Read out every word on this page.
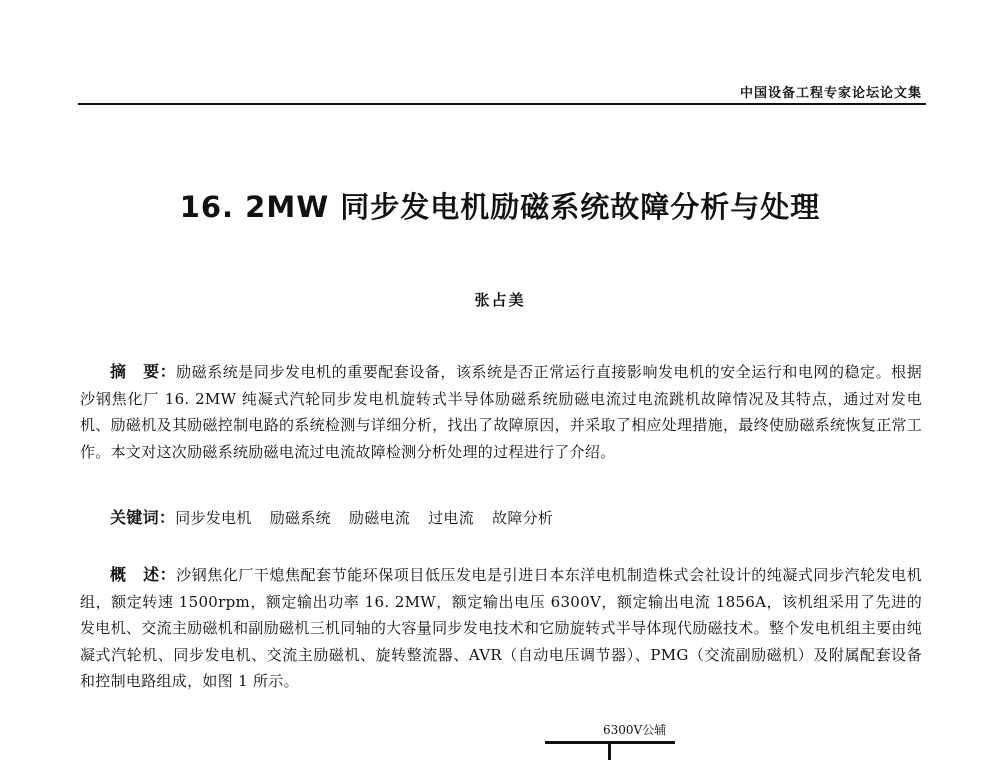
中国设备工程专家论坛论文集
16. 2MW 同步发电机励磁系统故障分析与处理
张占美
摘　要：励磁系统是同步发电机的重要配套设备，该系统是否正常运行直接影响发电机的安全运行和电网的稳定。根据沙钢焦化厂 16. 2MW 纯凝式汽轮同步发电机旋转式半导体励磁系统励磁电流过电流跳机故障情况及其特点，通过对发电机、励磁机及其励磁控制电路的系统检测与详细分析，找出了故障原因，并采取了相应处理措施，最终使励磁系统恢复正常工作。本文对这次励磁系统励磁电流过电流故障检测分析处理的过程进行了介绍。
关键词：同步发电机 励磁系统 励磁电流 过电流 故障分析
概　述：沙钢焦化厂干熄焦配套节能环保项目低压发电是引进日本东洋电机制造株式会社设计的纯凝式同步汽轮发电机组，额定转速 1500rpm，额定输出功率 16. 2MW，额定输出电压 6300V，额定输出电流 1856A，该机组采用了先进的发电机、交流主励磁机和副励磁机三机同轴的大容量同步发电技术和它励旋转式半导体现代励磁技术。整个发电机组主要由纯凝式汽轮机、同步发电机、交流主励磁机、旋转整流器、AVR（自动电压调节器）、PMG（交流副励磁机）及附属配套设备和控制电路组成，如图 1 所示。
6300V公辅
